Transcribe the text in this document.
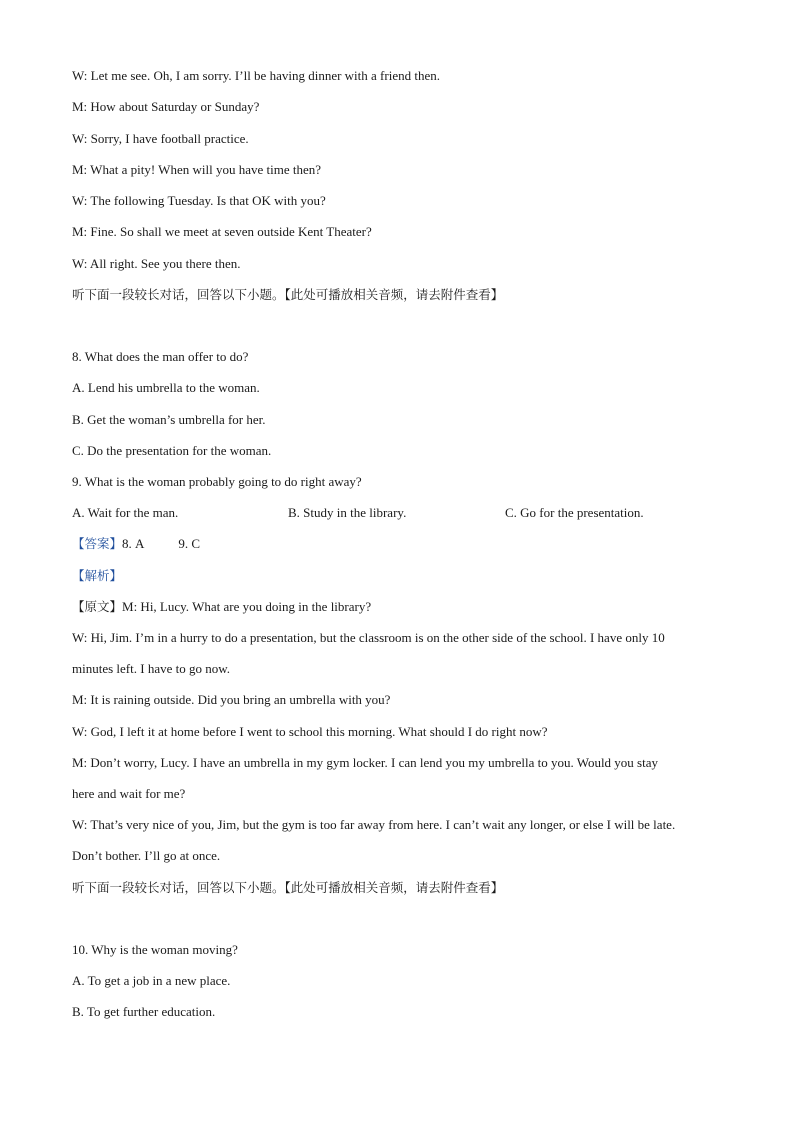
W: Let me see. Oh, I am sorry. I’ll be having dinner with a friend then.
M: How about Saturday or Sunday?
W: Sorry, I have football practice.
M: What a pity! When will you have time then?
W: The following Tuesday. Is that OK with you?
M: Fine. So shall we meet at seven outside Kent Theater?
W: All right. See you there then.
听下面一段较长对话，回答以下小题。【此处可播放相关音频，请去附件查看】
8. What does the man offer to do?
A. Lend his umbrella to the woman.
B. Get the woman’s umbrella for her.
C. Do the presentation for the woman.
9. What is the woman probably going to do right away?
A. Wait for the man.	B. Study in the library.	C. Go for the presentation.
【答案】8. A	9. C
【解析】
【原文】M: Hi, Lucy. What are you doing in the library?
W: Hi, Jim. I’m in a hurry to do a presentation, but the classroom is on the other side of the school. I have only 10
minutes left. I have to go now.
M: It is raining outside. Did you bring an umbrella with you?
W: God, I left it at home before I went to school this morning. What should I do right now?
M: Don’t worry, Lucy. I have an umbrella in my gym locker. I can lend you my umbrella to you. Would you stay
here and wait for me?
W: That’s very nice of you, Jim, but the gym is too far away from here. I can’t wait any longer, or else I will be late.
Don’t bother. I’ll go at once.
听下面一段较长对话，回答以下小题。【此处可播放相关音频，请去附件查看】
10. Why is the woman moving?
A. To get a job in a new place.
B. To get further education.
